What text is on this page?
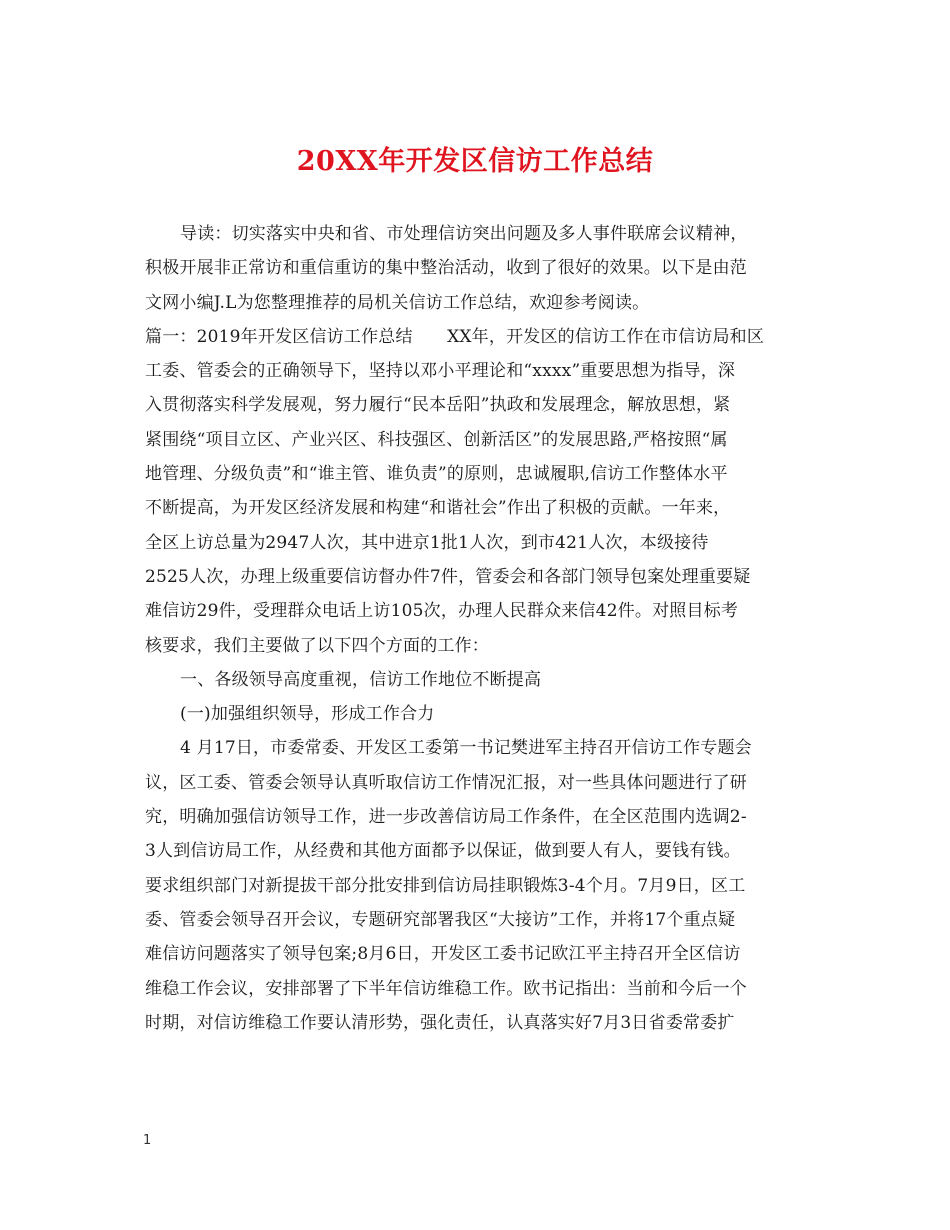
20XX年开发区信访工作总结
导读：切实落实中央和省、市处理信访突出问题及多人事件联席会议精神，
积极开展非正常访和重信重访的集中整治活动，收到了很好的效果。以下是由范
文网小编J.L为您整理推荐的局机关信访工作总结，欢迎参考阅读。
篇一：2019年开发区信访工作总结　　XX年，开发区的信访工作在市信访局和区
工委、管委会的正确领导下，坚持以邓小平理论和“xxxx”重要思想为指导，深
入贯彻落实科学发展观，努力履行“民本岳阳”执政和发展理念，解放思想，紧
紧围绕“项目立区、产业兴区、科技强区、创新活区”的发展思路,严格按照“属
地管理、分级负责”和“谁主管、谁负责”的原则，忠诚履职,信访工作整体水平
不断提高，为开发区经济发展和构建“和谐社会”作出了积极的贡献。一年来，
全区上访总量为2947人次，其中进京1批1人次，到市421人次，本级接待
2525人次，办理上级重要信访督办件7件，管委会和各部门领导包案处理重要疑
难信访29件，受理群众电话上访105次，办理人民群众来信42件。对照目标考
核要求，我们主要做了以下四个方面的工作：
一、各级领导高度重视，信访工作地位不断提高
(一)加强组织领导，形成工作合力
4 月17日，市委常委、开发区工委第一书记樊进军主持召开信访工作专题会
议，区工委、管委会领导认真听取信访工作情况汇报，对一些具体问题进行了研
究，明确加强信访领导工作，进一步改善信访局工作条件，在全区范围内选调2-
3人到信访局工作，从经费和其他方面都予以保证，做到要人有人，要钱有钱。
要求组织部门对新提拔干部分批安排到信访局挂职锻炼3-4个月。7月9日，区工
委、管委会领导召开会议，专题研究部署我区“大接访”工作，并将17个重点疑
难信访问题落实了领导包案;8月6日，开发区工委书记欧江平主持召开全区信访
维稳工作会议，安排部署了下半年信访维稳工作。欧书记指出：当前和今后一个
时期，对信访维稳工作要认清形势，强化责任，认真落实好7月3日省委常委扩
1
